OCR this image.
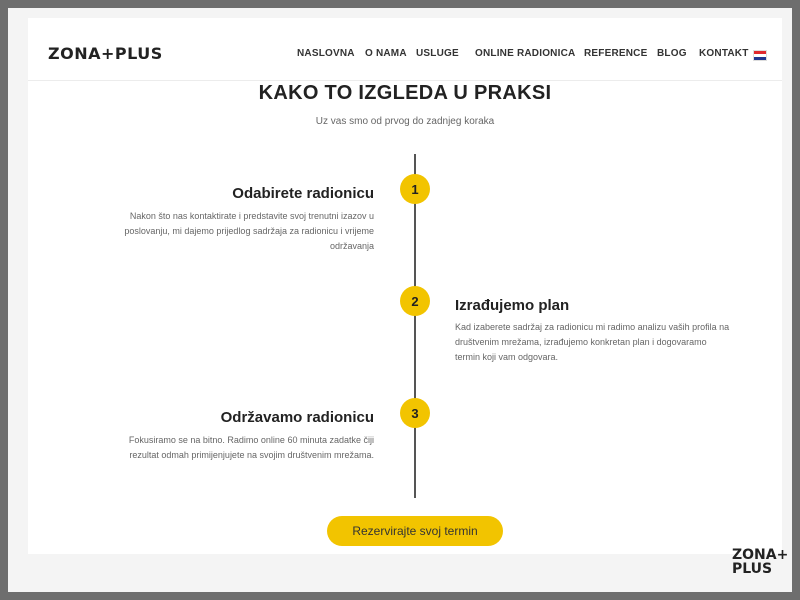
ZONA+PLUS	NASLOVNA O NAMA USLUGE ONLINE RADIONICA REFERENCE BLOG KONTAKT
KAKO TO IZGLEDA U PRAKSI
Uz vas smo od prvog do zadnjeg koraka
1
Odabirete radionicu
Nakon što nas kontaktirate i predstavite svoj trenutni izazov u
poslovanju, mi dajemo prijedlog sadržaja za radionicu i vrijeme
održavanja
2	Izrađujemo plan
Kad izaberete sadržaj za radionicu mi radimo analizu vaših profila na
društvenim mrežama, izrađujemo konkretan plan i dogovaramo
termin koji vam odgovara.
3
Održavamo radionicu
Fokusiramo se na bitno. Radimo online 60 minuta zadatke čiji
rezultat odmah primijenjujete na svojim društvenim mrežama.
Rezervirajte svoj termin
ZONA+
PLUS
